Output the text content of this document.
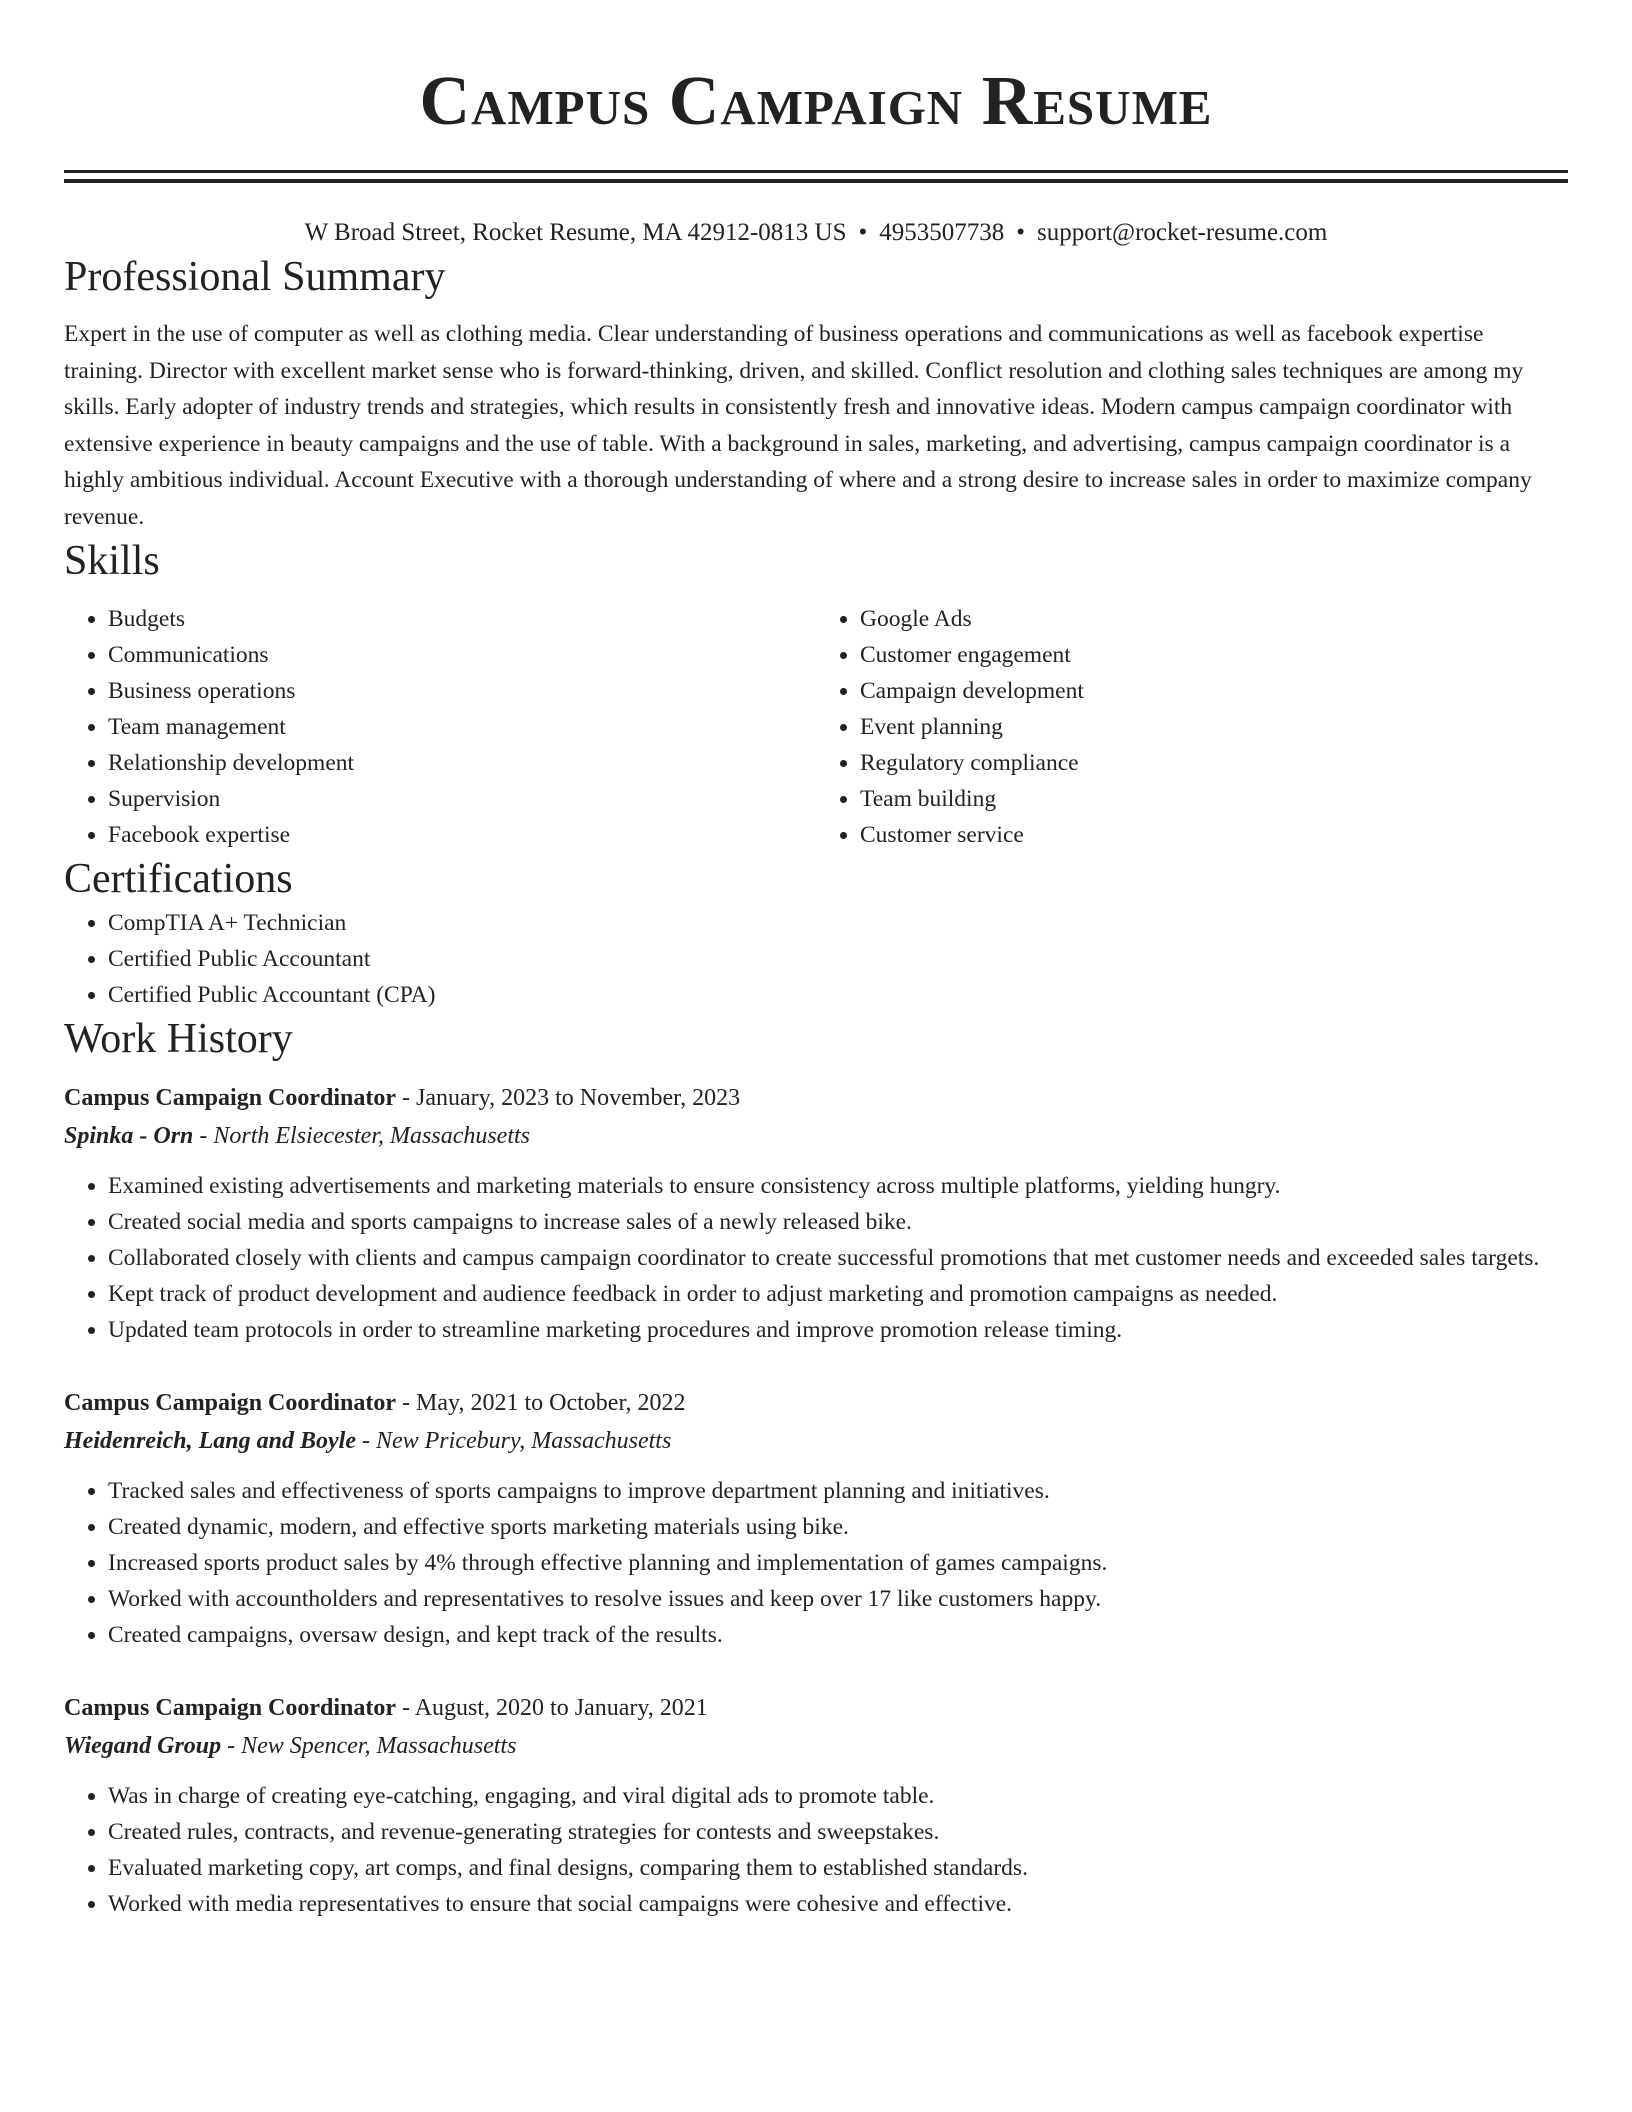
Campus Campaign Resume
W Broad Street, Rocket Resume, MA 42912-0813 US • 4953507738 • support@rocket-resume.com
Professional Summary

Expert in the use of computer as well as clothing media. Clear understanding of business operations and communications as well as facebook expertise training. Director with excellent market sense who is forward-thinking, driven, and skilled. Conflict resolution and clothing sales techniques are among my skills. Early adopter of industry trends and strategies, which results in consistently fresh and innovative ideas. Modern campus campaign coordinator with extensive experience in beauty campaigns and the use of table. With a background in sales, marketing, and advertising, campus campaign coordinator is a highly ambitious individual. Account Executive with a thorough understanding of where and a strong desire to increase sales in order to maximize company revenue.

Skills
• Budgets
• Communications
• Business operations
• Team management
• Relationship development
• Supervision
• Facebook expertise
• Google Ads
• Customer engagement
• Campaign development
• Event planning
• Regulatory compliance
• Team building
• Customer service
Certifications
• CompTIA A+ Technician
• Certified Public Accountant
• Certified Public Accountant (CPA)
Work History
Campus Campaign Coordinator - January, 2023 to November, 2023
Spinka - Orn - North Elsiecester, Massachusetts
• Examined existing advertisements and marketing materials to ensure consistency across multiple platforms, yielding hungry.
• Created social media and sports campaigns to increase sales of a newly released bike.
• Collaborated closely with clients and campus campaign coordinator to create successful promotions that met customer needs and exceeded sales targets.
• Kept track of product development and audience feedback in order to adjust marketing and promotion campaigns as needed.
• Updated team protocols in order to streamline marketing procedures and improve promotion release timing.
Campus Campaign Coordinator - May, 2021 to October, 2022
Heidenreich, Lang and Boyle - New Pricebury, Massachusetts
• Tracked sales and effectiveness of sports campaigns to improve department planning and initiatives.
• Created dynamic, modern, and effective sports marketing materials using bike.
• Increased sports product sales by 4% through effective planning and implementation of games campaigns.
• Worked with accountholders and representatives to resolve issues and keep over 17 like customers happy.
• Created campaigns, oversaw design, and kept track of the results.
Campus Campaign Coordinator - August, 2020 to January, 2021
Wiegand Group - New Spencer, Massachusetts
• Was in charge of creating eye-catching, engaging, and viral digital ads to promote table.
• Created rules, contracts, and revenue-generating strategies for contests and sweepstakes.
• Evaluated marketing copy, art comps, and final designs, comparing them to established standards.
• Worked with media representatives to ensure that social campaigns were cohesive and effective.
